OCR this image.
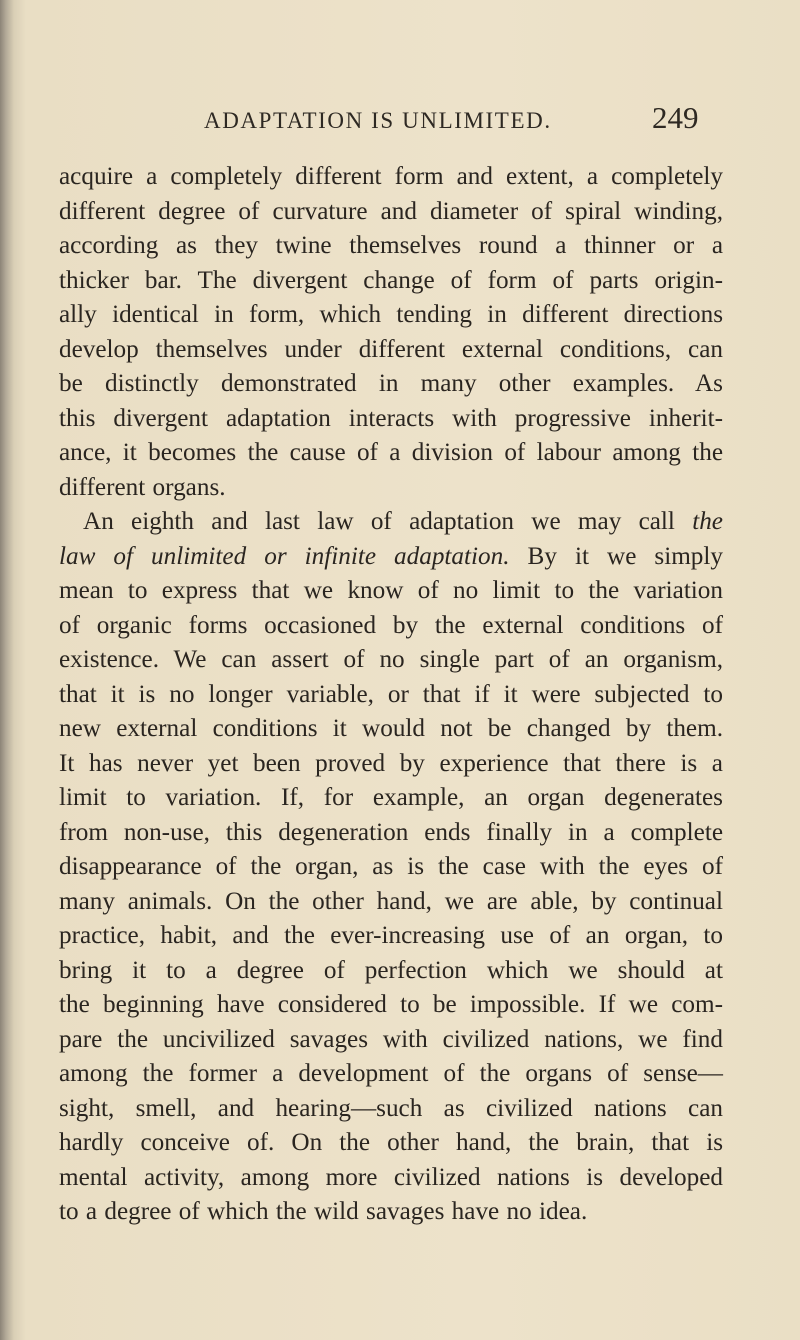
ADAPTATION IS UNLIMITED.	249
acquire a completely different form and extent, a completely
different degree of curvature and diameter of spiral winding,
according as they twine themselves round a thinner or a
thicker bar. The divergent change of form of parts origin-
ally identical in form, which tending in different directions
develop themselves under different external conditions, can
be distinctly demonstrated in many other examples. As
this divergent adaptation interacts with progressive inherit-
ance, it becomes the cause of a division of labour among the
different organs.
An eighth and last law of adaptation we may call the
law of unlimited or infinite adaptation. By it we simply
mean to express that we know of no limit to the variation
of organic forms occasioned by the external conditions of
existence. We can assert of no single part of an organism,
that it is no longer variable, or that if it were subjected to
new external conditions it would not be changed by them.
It has never yet been proved by experience that there is a
limit to variation. If, for example, an organ degenerates
from non-use, this degeneration ends finally in a complete
disappearance of the organ, as is the case with the eyes of
many animals. On the other hand, we are able, by continual
practice, habit, and the ever-increasing use of an organ, to
bring it to a degree of perfection which we should at
the beginning have considered to be impossible. If we com-
pare the uncivilized savages with civilized nations, we find
among the former a development of the organs of sense—
sight, smell, and hearing—such as civilized nations can
hardly conceive of. On the other hand, the brain, that is
mental activity, among more civilized nations is developed
to a degree of which the wild savages have no idea.
